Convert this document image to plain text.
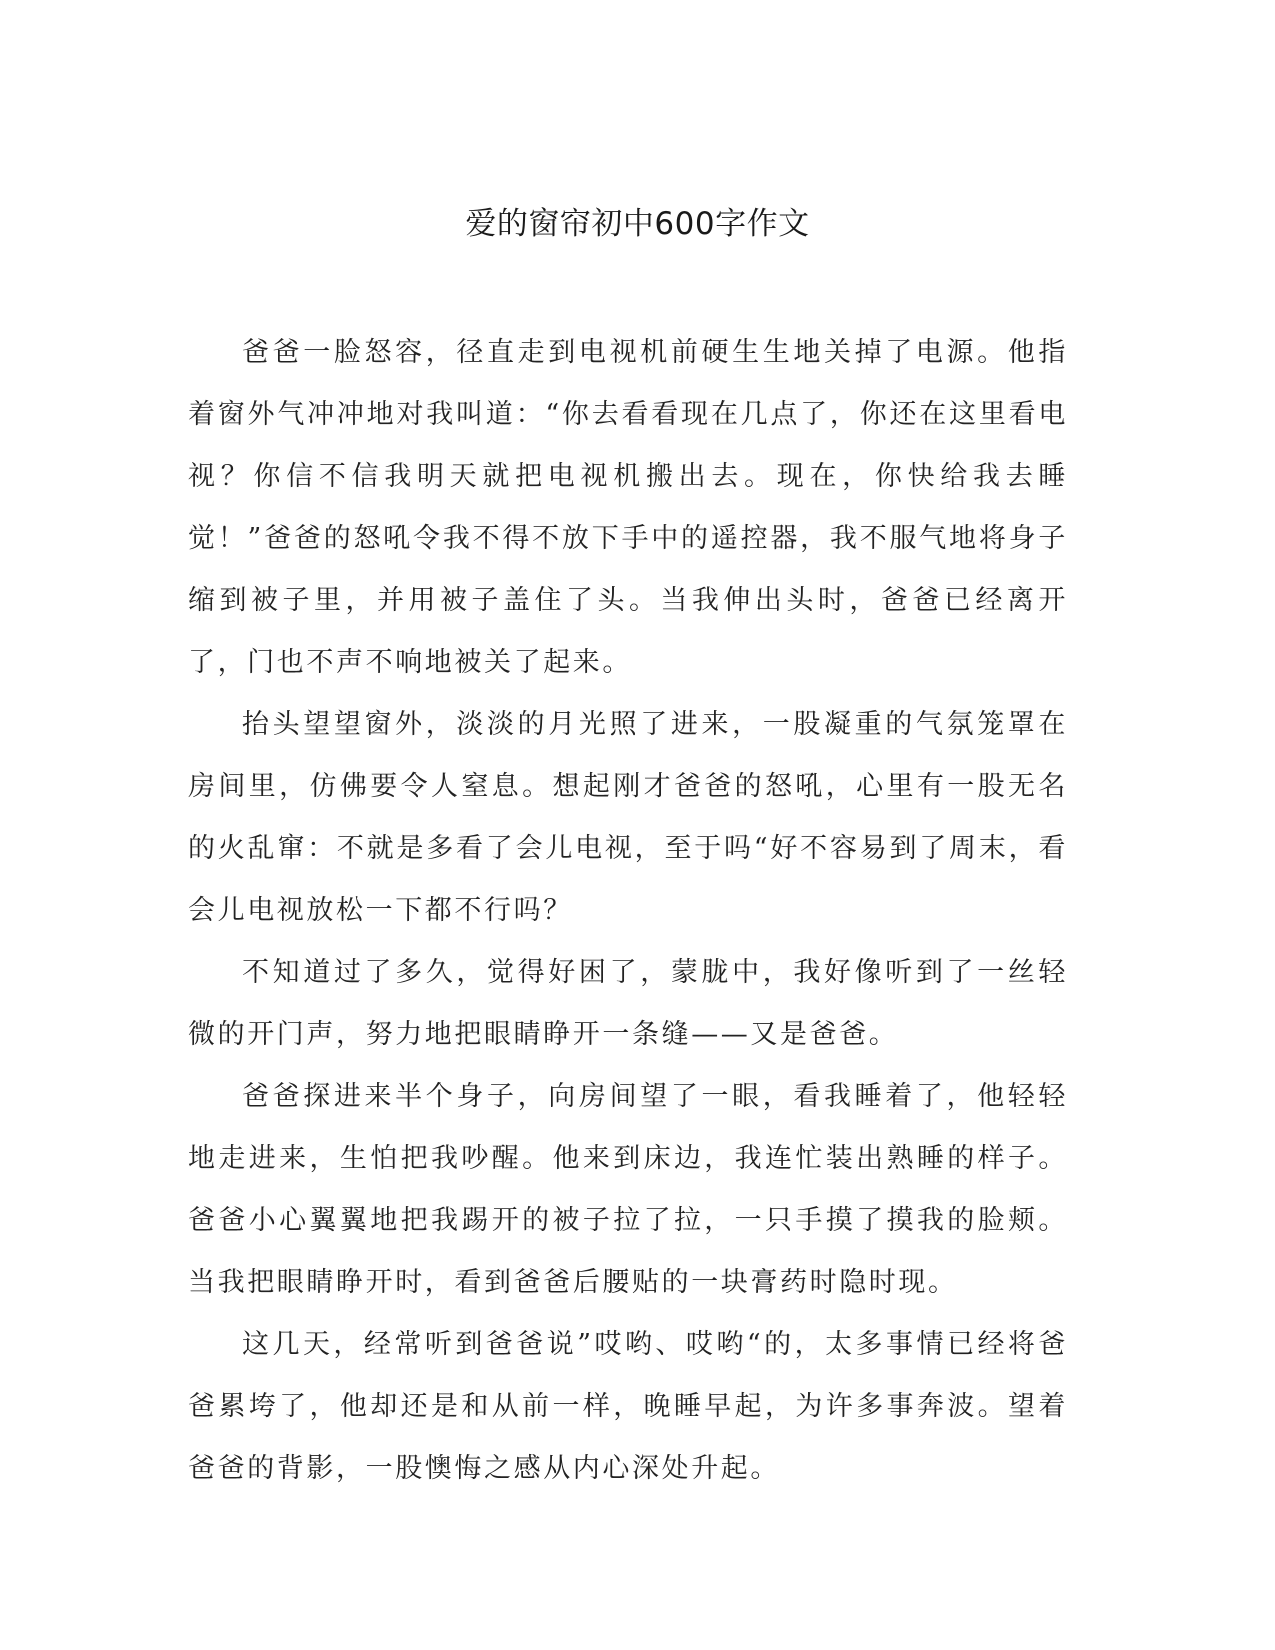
爱的窗帘初中600字作文

爸爸一脸怒容，径直走到电视机前硬生生地关掉了电源。他指着窗外气冲冲地对我叫道：“你去看看现在几点了，你还在这里看电视？你信不信我明天就把电视机搬出去。现在，你快给我去睡觉！”爸爸的怒吼令我不得不放下手中的遥控器，我不服气地将身子缩到被子里，并用被子盖住了头。当我伸出头时，爸爸已经离开了，门也不声不响地被关了起来。

抬头望望窗外，淡淡的月光照了进来，一股凝重的气氛笼罩在房间里，仿佛要令人窒息。想起刚才爸爸的怒吼，心里有一股无名的火乱窜：不就是多看了会儿电视，至于吗“好不容易到了周末，看会儿电视放松一下都不行吗？

不知道过了多久，觉得好困了，蒙胧中，我好像听到了一丝轻微的开门声，努力地把眼睛睁开一条缝——又是爸爸。

爸爸探进来半个身子，向房间望了一眼，看我睡着了，他轻轻地走进来，生怕把我吵醒。他来到床边，我连忙装出熟睡的样子。爸爸小心翼翼地把我踢开的被子拉了拉，一只手摸了摸我的脸颊。当我把眼睛睁开时，看到爸爸后腰贴的一块膏药时隐时现。

这几天，经常听到爸爸说”哎哟、哎哟“的，太多事情已经将爸爸累垮了，他却还是和从前一样，晚睡早起，为许多事奔波。望着爸爸的背影，一股懊悔之感从内心深处升起。
